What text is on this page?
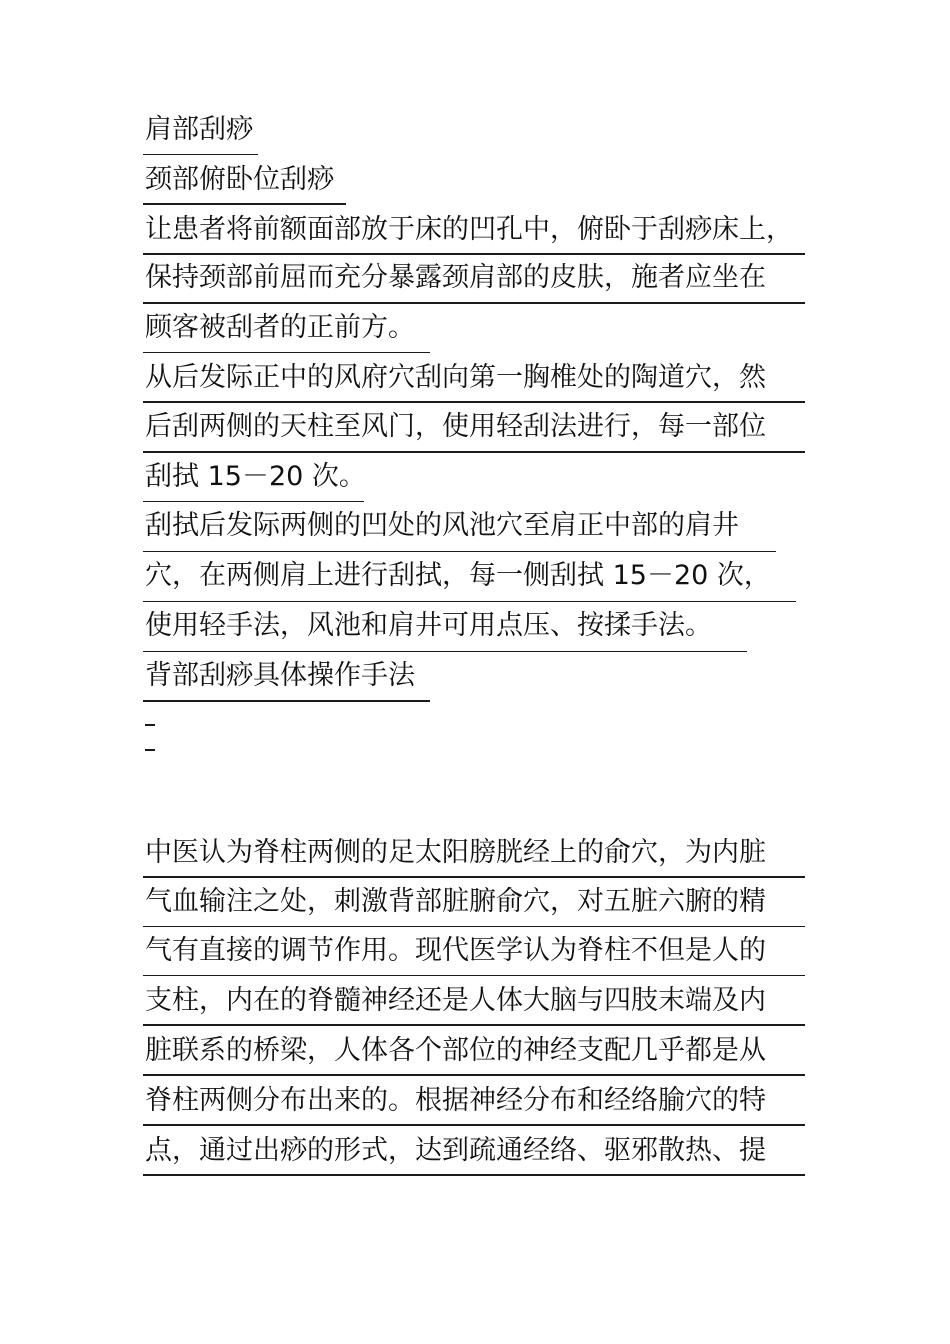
肩部刮痧
颈部俯卧位刮痧
让患者将前额面部放于床的凹孔中，俯卧于刮痧床上，
保持颈部前屈而充分暴露颈肩部的皮肤，施者应坐在
顾客被刮者的正前方。
从后发际正中的风府穴刮向第一胸椎处的陶道穴，然
后刮两侧的天柱至风门，使用轻刮法进行，每一部位
刮拭 15－20 次。
刮拭后发际两侧的凹处的风池穴至肩正中部的肩井
穴，在两侧肩上进行刮拭，每一侧刮拭 15－20 次，
使用轻手法，风池和肩井可用点压、按揉手法。
背部刮痧具体操作手法
中医认为脊柱两侧的足太阳膀胱经上的俞穴，为内脏
气血输注之处，刺激背部脏腑俞穴，对五脏六腑的精
气有直接的调节作用。现代医学认为脊柱不但是人的
支柱，内在的脊髓神经还是人体大脑与四肢末端及内
脏联系的桥梁，人体各个部位的神经支配几乎都是从
脊柱两侧分布出来的。根据神经分布和经络腧穴的特
点，通过出痧的形式，达到疏通经络、驱邪散热、提
